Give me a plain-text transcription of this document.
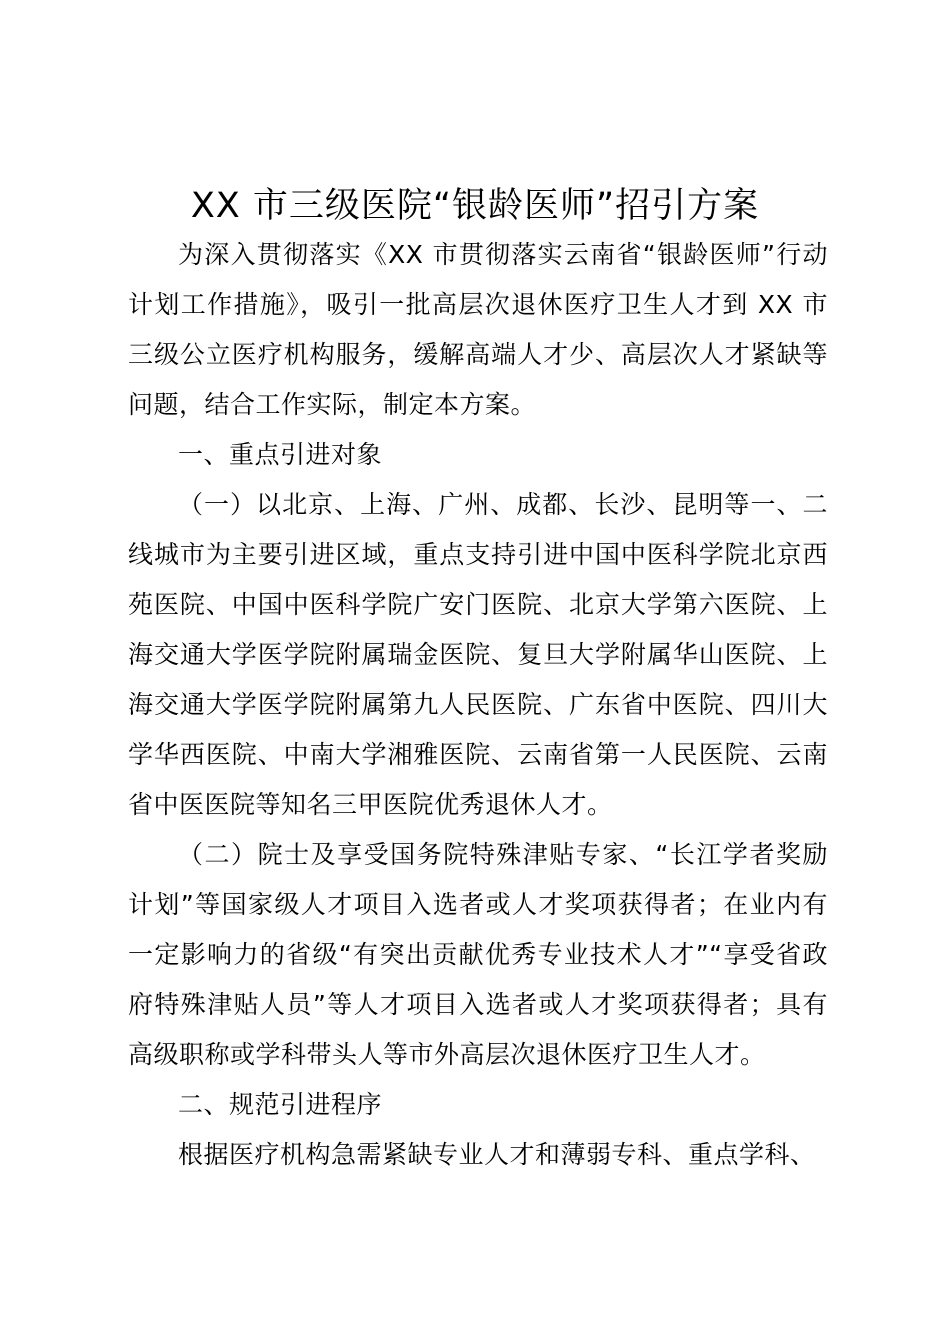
XX 市三级医院“银龄医师”招引方案

为深入贯彻落实《XX 市贯彻落实云南省“银龄医师”行动计划工作措施》，吸引一批高层次退休医疗卫生人才到 XX 市三级公立医疗机构服务，缓解高端人才少、高层次人才紧缺等问题，结合工作实际，制定本方案。

一、重点引进对象

（一）以北京、上海、广州、成都、长沙、昆明等一、二线城市为主要引进区域，重点支持引进中国中医科学院北京西苑医院、中国中医科学院广安门医院、北京大学第六医院、上海交通大学医学院附属瑞金医院、复旦大学附属华山医院、上海交通大学医学院附属第九人民医院、广东省中医院、四川大学华西医院、中南大学湘雅医院、云南省第一人民医院、云南省中医医院等知名三甲医院优秀退休人才。

（二）院士及享受国务院特殊津贴专家、“长江学者奖励计划”等国家级人才项目入选者或人才奖项获得者；在业内有一定影响力的省级“有突出贡献优秀专业技术人才”“享受省政府特殊津贴人员”等人才项目入选者或人才奖项获得者；具有高级职称或学科带头人等市外高层次退休医疗卫生人才。

二、规范引进程序

根据医疗机构急需紧缺专业人才和薄弱专科、重点学科、
